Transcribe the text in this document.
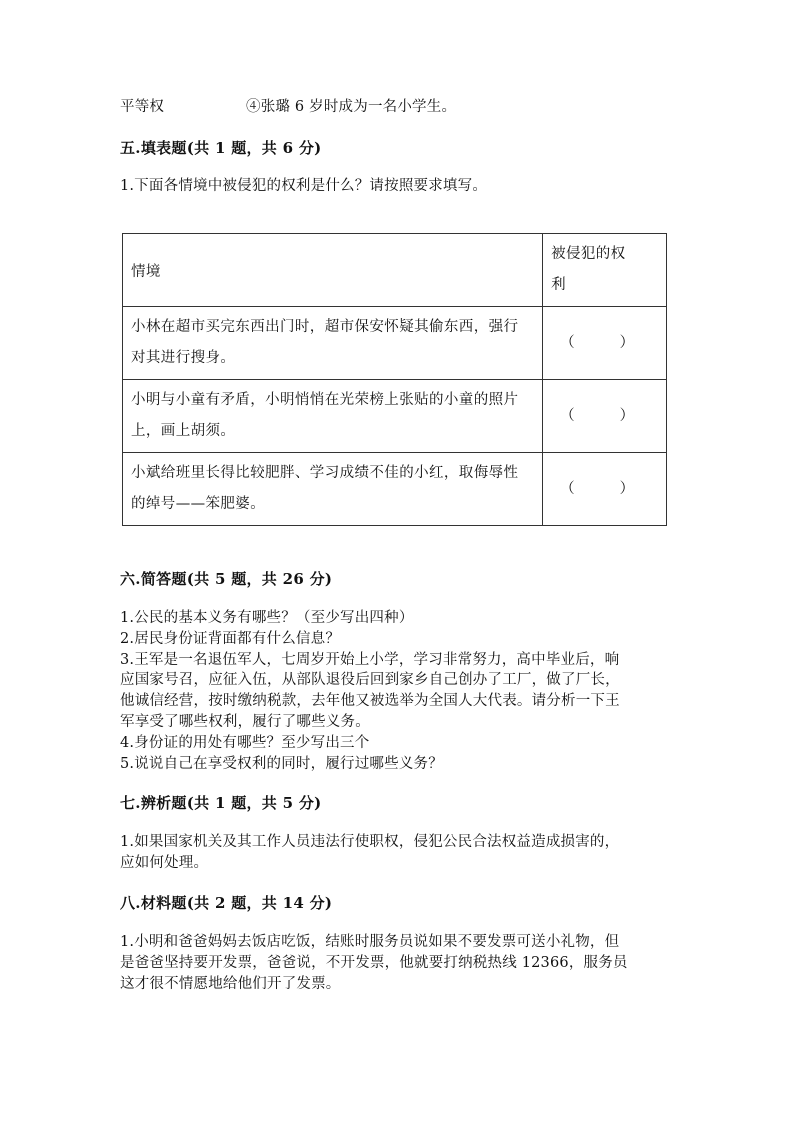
平等权	④张璐 6 岁时成为一名小学生。
五.填表题(共 1 题，共 6 分)
1.下面各情境中被侵犯的权利是什么？请按照要求填写。
情境	被侵犯的权
利

小林在超市买完东西出门时，超市保安怀疑其偷东西，强行
对其进行搜身。	（　　　）

小明与小童有矛盾，小明悄悄在光荣榜上张贴的小童的照片
上，画上胡须。	（　　　）

小斌给班里长得比较肥胖、学习成绩不佳的小红，取侮辱性
的绰号——笨肥婆。	（　　　）
六.简答题(共 5 题，共 26 分)
1.公民的基本义务有哪些？（至少写出四种）
2.居民身份证背面都有什么信息？
3.王军是一名退伍军人，七周岁开始上小学，学习非常努力，高中毕业后，响
应国家号召，应征入伍，从部队退役后回到家乡自己创办了工厂，做了厂长，
他诚信经营，按时缴纳税款，去年他又被选举为全国人大代表。请分析一下王
军享受了哪些权利，履行了哪些义务。
4.身份证的用处有哪些？至少写出三个
5.说说自己在享受权利的同时，履行过哪些义务？
七.辨析题(共 1 题，共 5 分)
1.如果国家机关及其工作人员违法行使职权，侵犯公民合法权益造成损害的，
应如何处理。
八.材料题(共 2 题，共 14 分)
1.小明和爸爸妈妈去饭店吃饭，结账时服务员说如果不要发票可送小礼物，但
是爸爸坚持要开发票，爸爸说，不开发票，他就要打纳税热线 12366，服务员
这才很不情愿地给他们开了发票。
